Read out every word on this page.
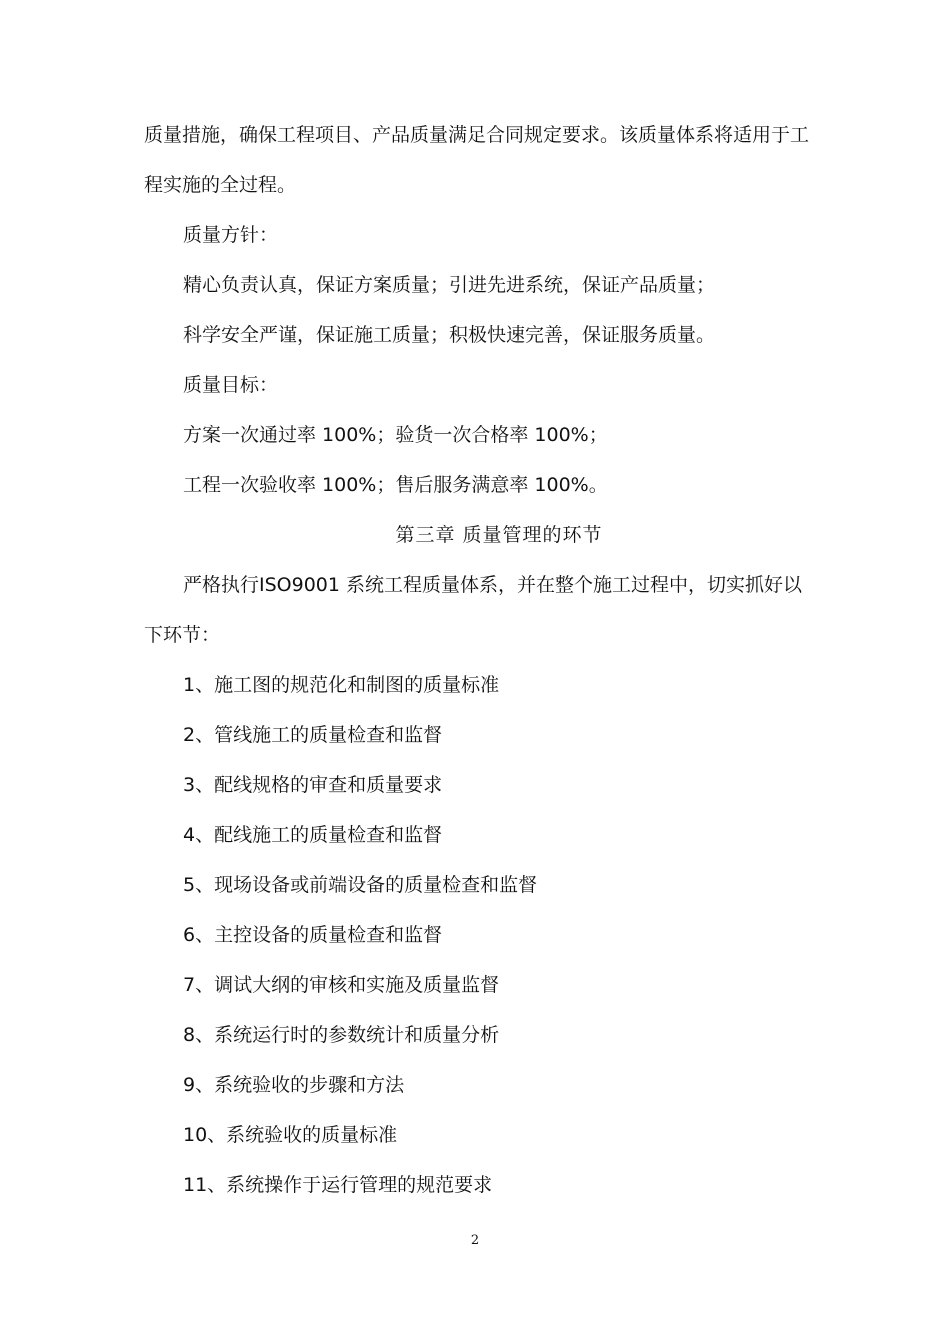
质量措施，确保工程项目、产品质量满足合同规定要求。该质量体系将适用于工
程实施的全过程。
质量方针：
精心负责认真，保证方案质量；引进先进系统，保证产品质量；
科学安全严谨，保证施工质量；积极快速完善，保证服务质量。
质量目标：
方案一次通过率 100%；验货一次合格率 100%；
工程一次验收率 100%；售后服务满意率 100%。
第三章 质量管理的环节
严格执行ISO9001 系统工程质量体系，并在整个施工过程中，切实抓好以
下环节：
1、施工图的规范化和制图的质量标准
2、管线施工的质量检查和监督
3、配线规格的审查和质量要求
4、配线施工的质量检查和监督
5、现场设备或前端设备的质量检查和监督
6、主控设备的质量检查和监督
7、调试大纲的审核和实施及质量监督
8、系统运行时的参数统计和质量分析
9、系统验收的步骤和方法
10、系统验收的质量标准
11、系统操作于运行管理的规范要求
2
